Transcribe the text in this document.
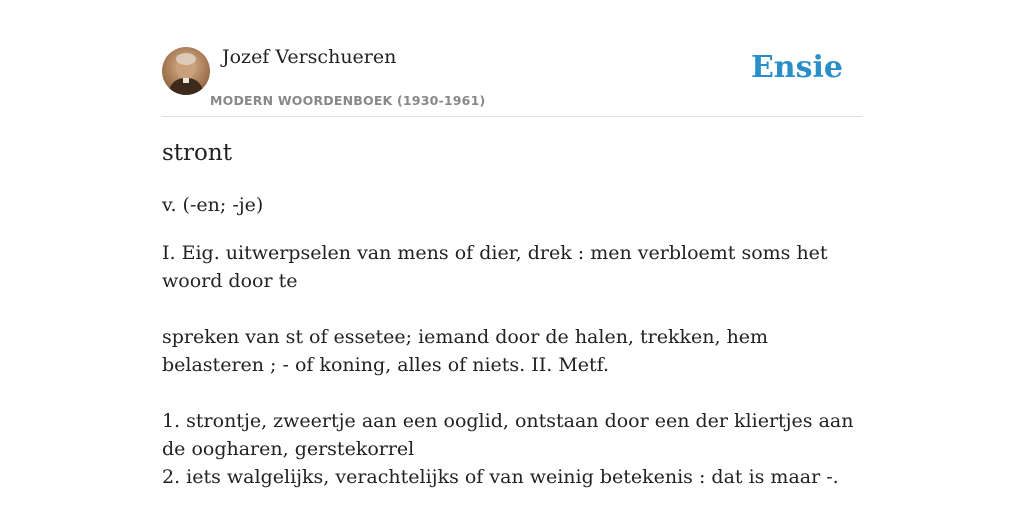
Jozef Verschueren
MODERN WOORDENBOEK (1930-1961)
Ensie
stront
v. (-en; -je)

I. Eig. uitwerpselen van mens of dier, drek : men verbloemt soms het woord door te

spreken van st of essetee; iemand door de halen, trekken, hem belasteren ; - of koning, alles of niets. II. Metf.

1. strontje, zweertje aan een ooglid, ontstaan door een der kliertjes aan de oogharen, gerstekorrel

2. iets walgelijks, verachtelijks of van weinig betekenis : dat is maar -.
